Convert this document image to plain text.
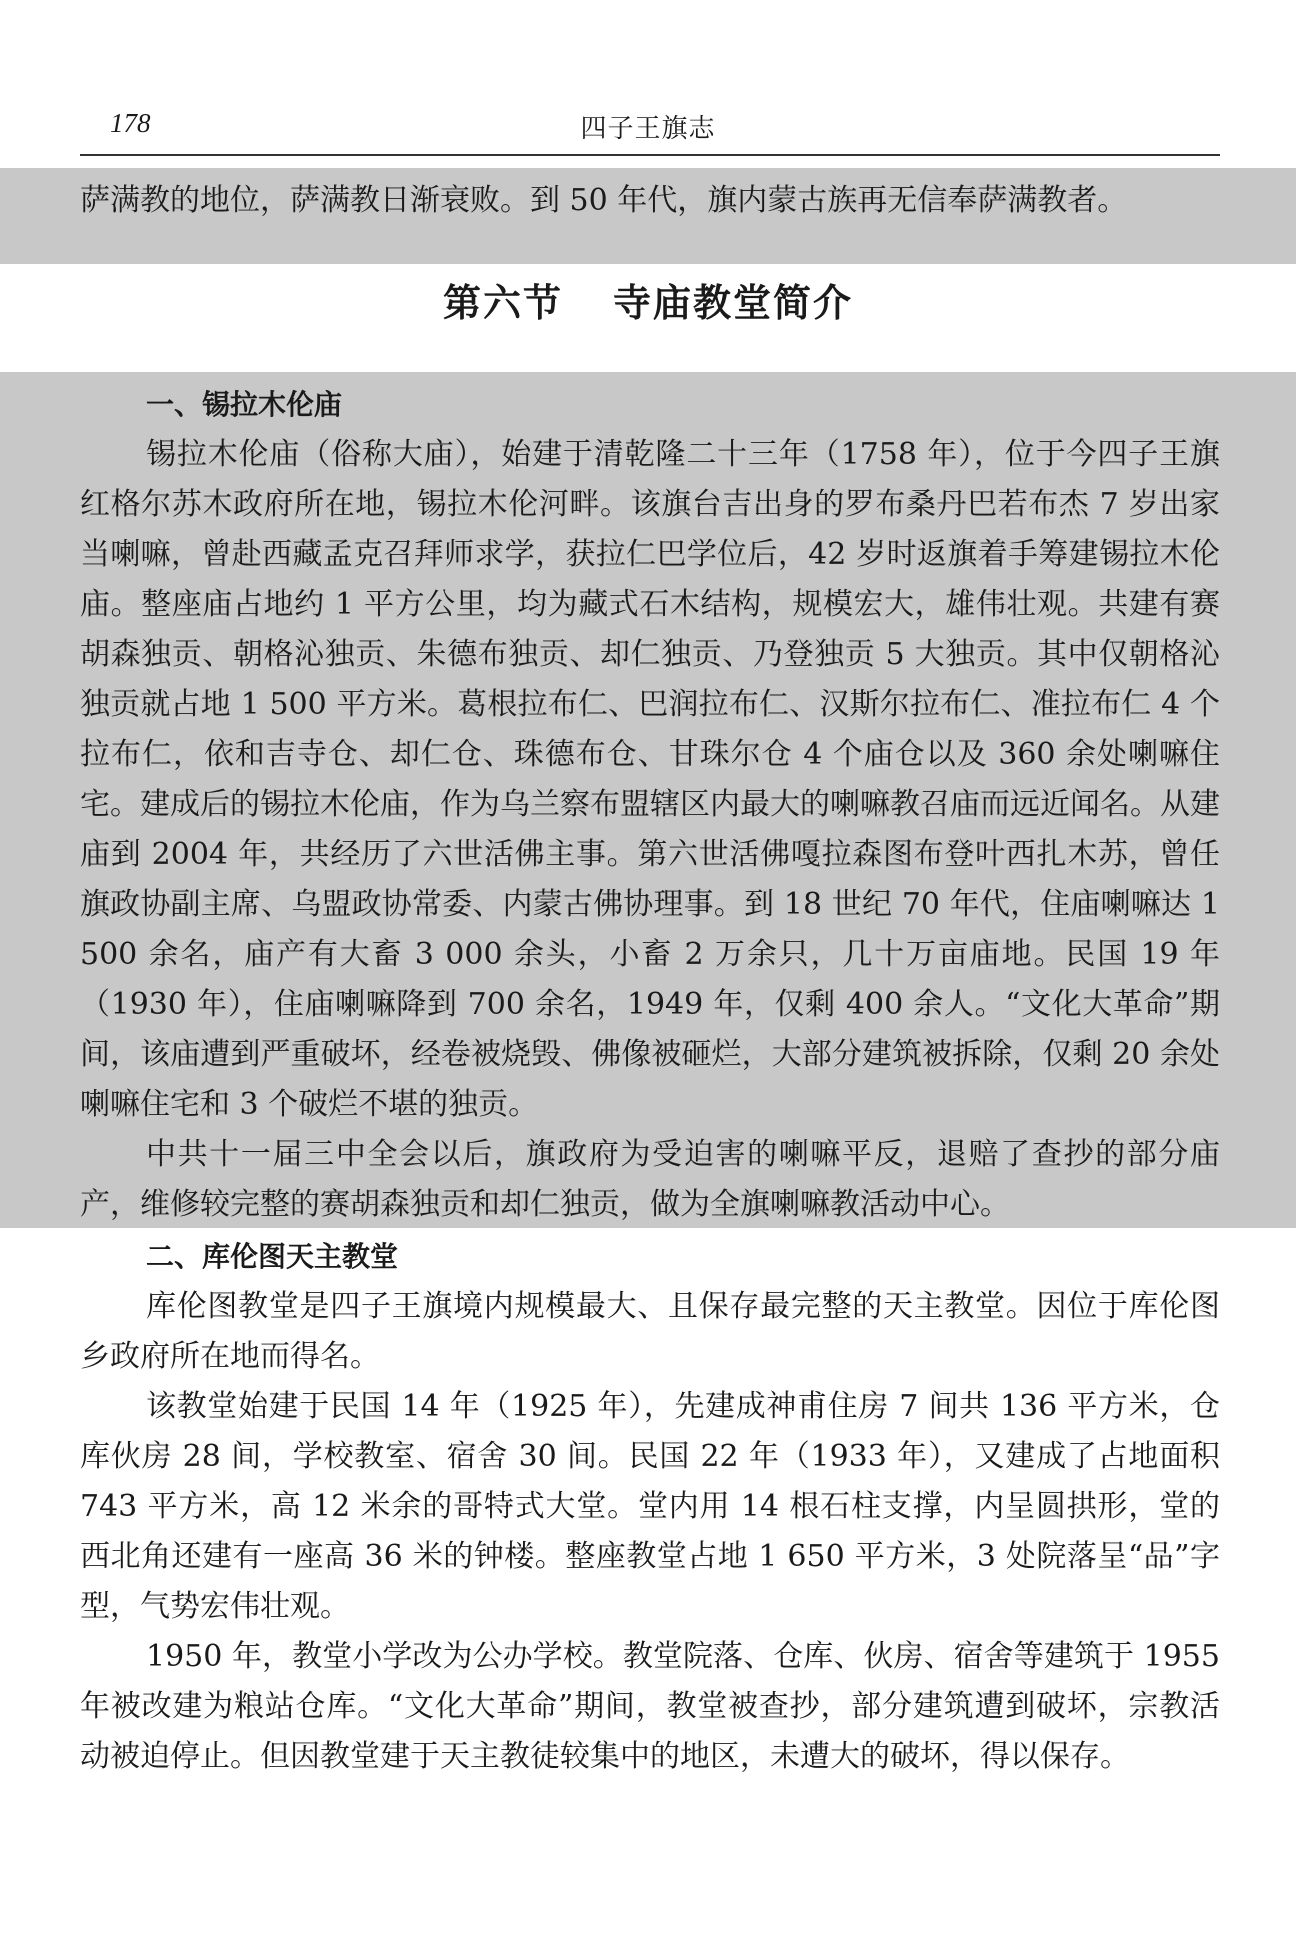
178	四子王旗志

萨满教的地位，萨满教日渐衰败。到 50 年代，旗内蒙古族再无信奉萨满教者。

第六节 寺庙教堂简介

一、锡拉木伦庙

锡拉木伦庙（俗称大庙），始建于清乾隆二十三年（1758 年），位于今四子王旗红格尔苏木政府所在地，锡拉木伦河畔。该旗台吉出身的罗布桑丹巴若布杰 7 岁出家当喇嘛，曾赴西藏孟克召拜师求学，获拉仁巴学位后，42 岁时返旗着手筹建锡拉木伦庙。整座庙占地约 1 平方公里，均为藏式石木结构，规模宏大，雄伟壮观。共建有赛胡森独贡、朝格沁独贡、朱德布独贡、却仁独贡、乃登独贡 5 大独贡。其中仅朝格沁独贡就占地 1 500 平方米。葛根拉布仁、巴润拉布仁、汉斯尔拉布仁、准拉布仁 4 个拉布仁，依和吉寺仓、却仁仓、珠德布仓、甘珠尔仓 4 个庙仓以及 360 余处喇嘛住宅。建成后的锡拉木伦庙，作为乌兰察布盟辖区内最大的喇嘛教召庙而远近闻名。从建庙到 2004 年，共经历了六世活佛主事。第六世活佛嘎拉森图布登叶西扎木苏，曾任旗政协副主席、乌盟政协常委、内蒙古佛协理事。到 18 世纪 70 年代，住庙喇嘛达 1 500 余名，庙产有大畜 3 000 余头，小畜 2 万余只，几十万亩庙地。民国 19 年（1930 年），住庙喇嘛降到 700 余名，1949 年，仅剩 400 余人。“文化大革命”期间，该庙遭到严重破坏，经卷被烧毁、佛像被砸烂，大部分建筑被拆除，仅剩 20 余处喇嘛住宅和 3 个破烂不堪的独贡。

中共十一届三中全会以后，旗政府为受迫害的喇嘛平反，退赔了查抄的部分庙产，维修较完整的赛胡森独贡和却仁独贡，做为全旗喇嘛教活动中心。

二、库伦图天主教堂

库伦图教堂是四子王旗境内规模最大、且保存最完整的天主教堂。因位于库伦图乡政府所在地而得名。

该教堂始建于民国 14 年（1925 年），先建成神甫住房 7 间共 136 平方米，仓库伙房 28 间，学校教室、宿舍 30 间。民国 22 年（1933 年），又建成了占地面积 743 平方米，高 12 米余的哥特式大堂。堂内用 14 根石柱支撑，内呈圆拱形，堂的西北角还建有一座高 36 米的钟楼。整座教堂占地 1 650 平方米，3 处院落呈“品”字型，气势宏伟壮观。

1950 年，教堂小学改为公办学校。教堂院落、仓库、伙房、宿舍等建筑于 1955 年被改建为粮站仓库。“文化大革命”期间，教堂被查抄，部分建筑遭到破坏，宗教活动被迫停止。但因教堂建于天主教徒较集中的地区，未遭大的破坏，得以保存。
